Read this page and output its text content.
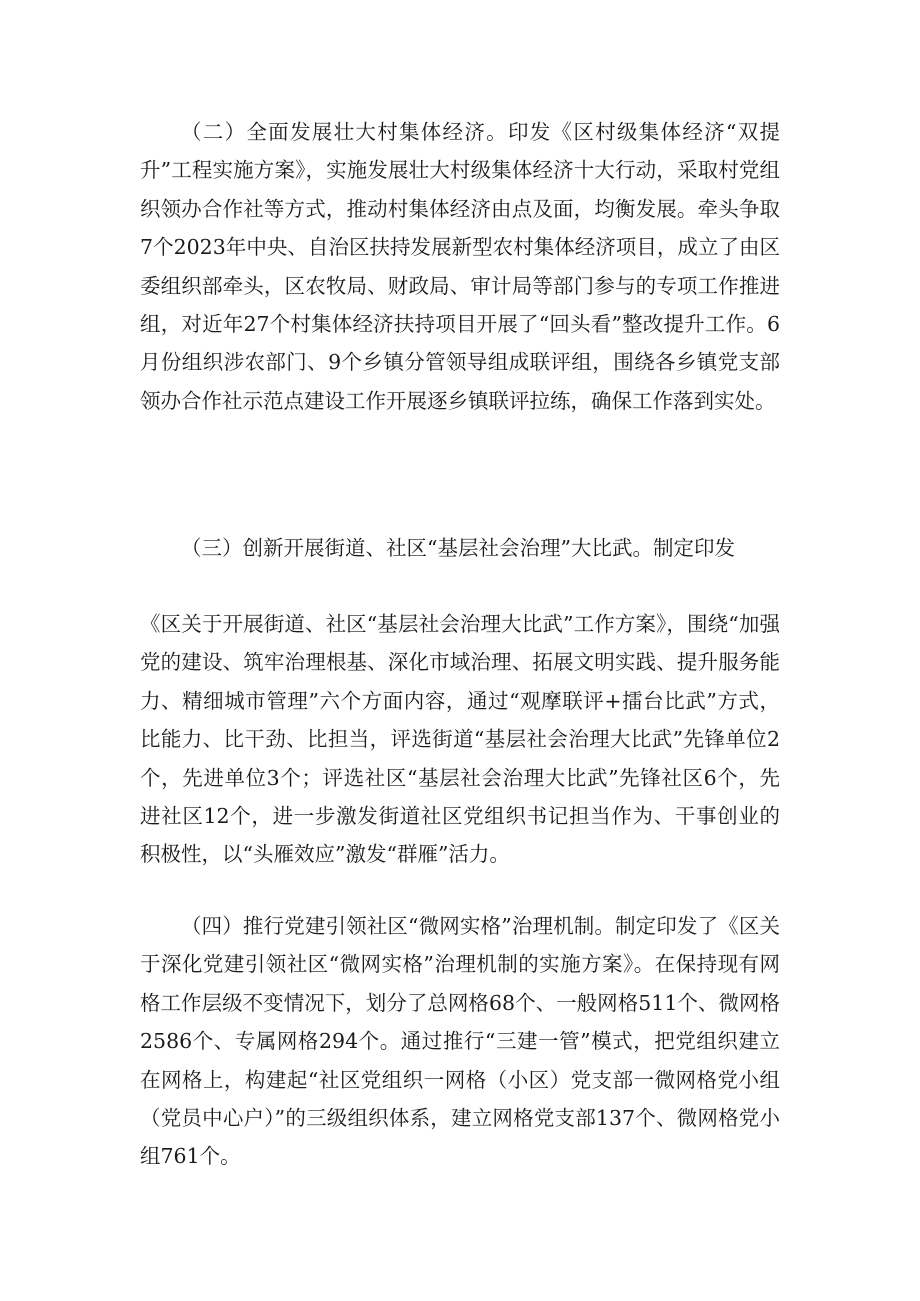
（二）全面发展壮大村集体经济。印发《区村级集体经济“双提升”工程实施方案》，实施发展壮大村级集体经济十大行动，采取村党组织领办合作社等方式，推动村集体经济由点及面，均衡发展。牵头争取7个2023年中央、自治区扶持发展新型农村集体经济项目，成立了由区委组织部牵头，区农牧局、财政局、审计局等部门参与的专项工作推进组，对近年27个村集体经济扶持项目开展了“回头看”整改提升工作。6月份组织涉农部门、9个乡镇分管领导组成联评组，围绕各乡镇党支部领办合作社示范点建设工作开展逐乡镇联评拉练，确保工作落到实处。

（三）创新开展街道、社区“基层社会治理”大比武。制定印发

《区关于开展街道、社区“基层社会治理大比武”工作方案》，围绕“加强党的建设、筑牢治理根基、深化市域治理、拓展文明实践、提升服务能力、精细城市管理”六个方面内容，通过“观摩联评+擂台比武”方式，比能力、比干劲、比担当，评选街道“基层社会治理大比武”先锋单位2个，先进单位3个；评选社区“基层社会治理大比武”先锋社区6个，先进社区12个，进一步激发街道社区党组织书记担当作为、干事创业的积极性，以“头雁效应”激发“群雁”活力。

（四）推行党建引领社区“微网实格”治理机制。制定印发了《区关于深化党建引领社区“微网实格”治理机制的实施方案》。在保持现有网格工作层级不变情况下，划分了总网格68个、一般网格511个、微网格2586个、专属网格294个。通过推行“三建一管”模式，把党组织建立在网格上，构建起“社区党组织一网格（小区）党支部一微网格党小组（党员中心户）”的三级组织体系，建立网格党支部137个、微网格党小组761个。
